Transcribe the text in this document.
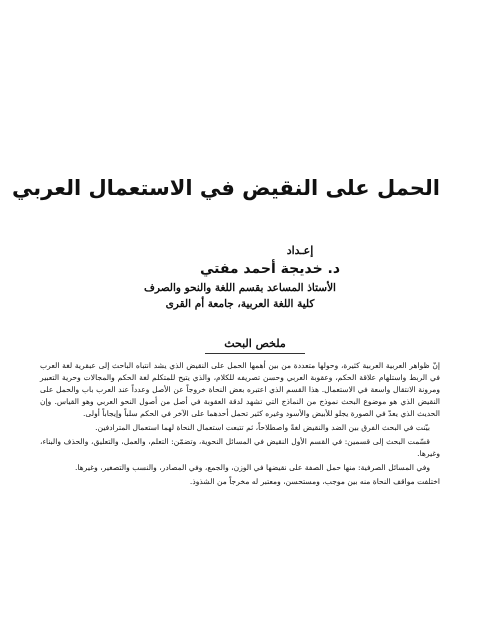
الحمل على النقيض في الاستعمال العربي
إعـداد
د. خديجة أحمد مفتي
الأستاذ المساعد بقسم اللغة والنحو والصرف
كلية اللغة العربية، جامعة أم القرى
ملخص البحث

إنّ ظواهر العربية العربية كثيرة، وحولها متعددة من بين أهمها الحمل على النقيض الذي يشد انتباه الباحث إلى عبقرية لغة العرب في الربط واستلهام علاقة الحكم، وعقوبة العربي وحسن تصريفه للكلام، والذي يتيح للمتكلم لغة الحكم والمجالات وحرية التعبير ومرونة الانتقال واسعة في الاستعمال. هذا القسم الذي اعتبره بعض النحاة خروجاً عن الأصل وعدداً عند العرب باب والحمل على النقيض الذي هو موضوع البحث نموذج من النماذج التي تشهد لدقة العقوبة في أصل من أصول النحو العربي وهو القياس. وإن الحديث الذي يعدّ في الصورة يجلو للأبيض والأسود وغيره كثير تحمل أحدهما على الآخر في الحكم سلباً وإيجاباً أولى.

بيّنت في البحث الفرق بين الضد والنقيض لغةً واصطلاحاً، ثم تتبعت استعمال النحاة لهما استعمال المترادفين.

قسّمت البحث إلى قسمين: في القسم الأول النقيض في المسائل النحوية، وتضمّن: التعلم، والعمل، والتعليق، والحذف والبناء، وغيرها.

وفي المسائل الصرفية: منها حمل الصفة على نقيضها في الوزن، والجمع، وفي المصادر، والنسب والتصغير، وغيرها.

اختلفت مواقف النحاة منه بين موجب، ومستحسن، ومعتبر له مخرجاً من الشذوذ.
